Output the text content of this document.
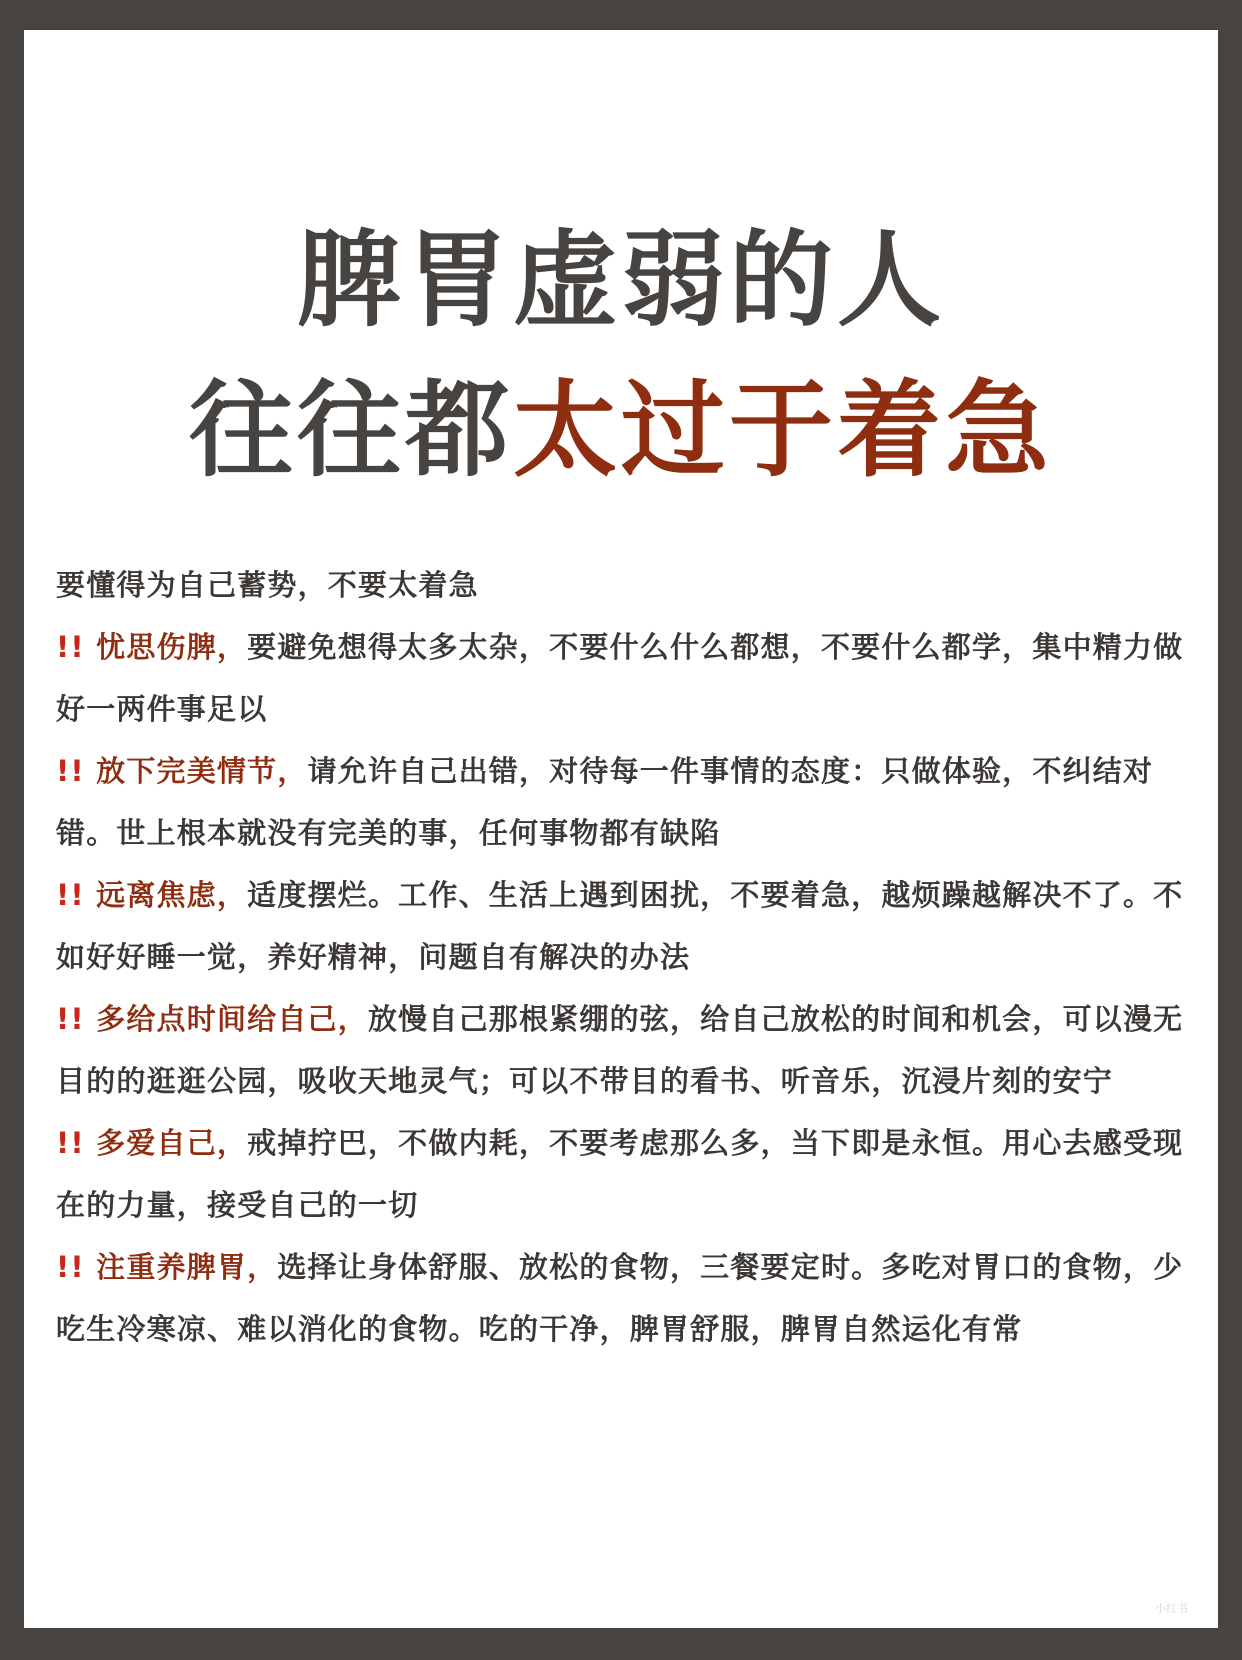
脾胃虚弱的人
往往都太过于着急

要懂得为自己蓄势，不要太着急

!! 忧思伤脾，要避免想得太多太杂，不要什么什么都想，不要什么都学，集中精力做好一两件事足以

!! 放下完美情节，请允许自己出错，对待每一件事情的态度：只做体验，不纠结对错。世上根本就没有完美的事，任何事物都有缺陷

!! 远离焦虑，适度摆烂。工作、生活上遇到困扰，不要着急，越烦躁越解决不了。不如好好睡一觉，养好精神，问题自有解决的办法

!! 多给点时间给自己，放慢自己那根紧绷的弦，给自己放松的时间和机会，可以漫无目的的逛逛公园，吸收天地灵气；可以不带目的看书、听音乐，沉浸片刻的安宁

!! 多爱自己，戒掉拧巴，不做内耗，不要考虑那么多，当下即是永恒。用心去感受现在的力量，接受自己的一切

!! 注重养脾胃，选择让身体舒服、放松的食物，三餐要定时。多吃对胃口的食物，少吃生冷寒凉、难以消化的食物。吃的干净，脾胃舒服，脾胃自然运化有常

小红书
